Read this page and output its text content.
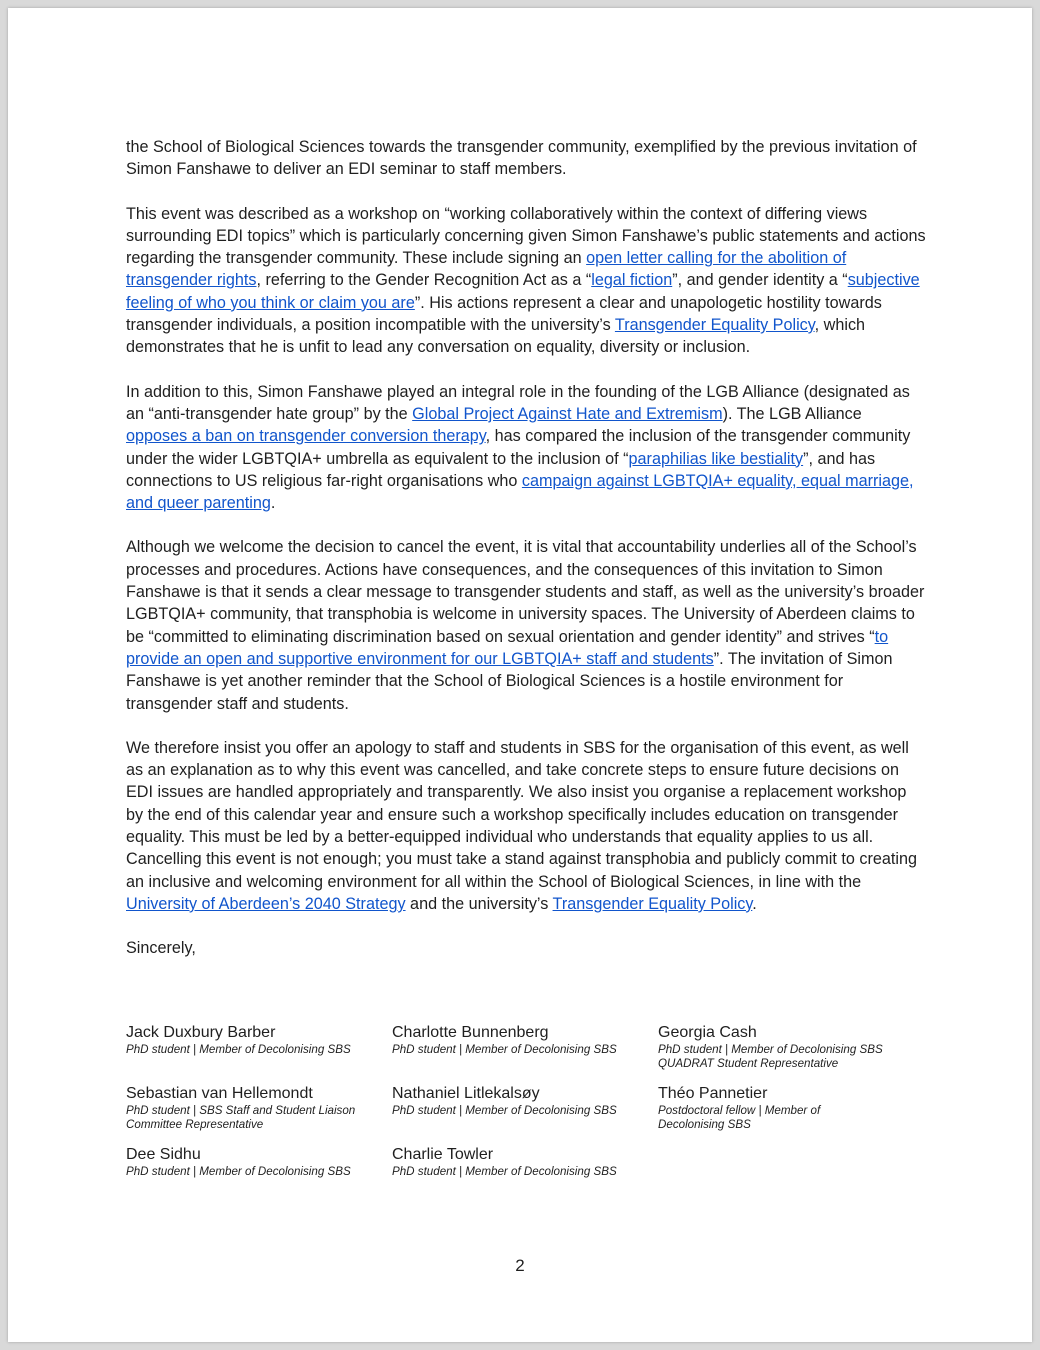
the School of Biological Sciences towards the transgender community, exemplified by the previous invitation of Simon Fanshawe to deliver an EDI seminar to staff members.

This event was described as a workshop on “working collaboratively within the context of differing views surrounding EDI topics” which is particularly concerning given Simon Fanshawe’s public statements and actions regarding the transgender community. These include signing an open letter calling for the abolition of transgender rights, referring to the Gender Recognition Act as a “legal fiction”, and gender identity a “subjective feeling of who you think or claim you are”. His actions represent a clear and unapologetic hostility towards transgender individuals, a position incompatible with the university’s Transgender Equality Policy, which demonstrates that he is unfit to lead any conversation on equality, diversity or inclusion.

In addition to this, Simon Fanshawe played an integral role in the founding of the LGB Alliance (designated as an “anti-transgender hate group” by the Global Project Against Hate and Extremism). The LGB Alliance opposes a ban on transgender conversion therapy, has compared the inclusion of the transgender community under the wider LGBTQIA+ umbrella as equivalent to the inclusion of “paraphilias like bestiality”, and has connections to US religious far-right organisations who campaign against LGBTQIA+ equality, equal marriage, and queer parenting.

Although we welcome the decision to cancel the event, it is vital that accountability underlies all of the School’s processes and procedures. Actions have consequences, and the consequences of this invitation to Simon Fanshawe is that it sends a clear message to transgender students and staff, as well as the university’s broader LGBTQIA+ community, that transphobia is welcome in university spaces. The University of Aberdeen claims to be “committed to eliminating discrimination based on sexual orientation and gender identity” and strives “to provide an open and supportive environment for our LGBTQIA+ staff and students”. The invitation of Simon Fanshawe is yet another reminder that the School of Biological Sciences is a hostile environment for transgender staff and students.

We therefore insist you offer an apology to staff and students in SBS for the organisation of this event, as well as an explanation as to why this event was cancelled, and take concrete steps to ensure future decisions on EDI issues are handled appropriately and transparently. We also insist you organise a replacement workshop by the end of this calendar year and ensure such a workshop specifically includes education on transgender equality. This must be led by a better-equipped individual who understands that equality applies to us all. Cancelling this event is not enough; you must take a stand against transphobia and publicly commit to creating an inclusive and welcoming environment for all within the School of Biological Sciences, in line with the University of Aberdeen’s 2040 Strategy and the university’s Transgender Equality Policy.

Sincerely,

Jack Duxbury Barber
PhD student | Member of Decolonising SBS
Charlotte Bunnenberg
PhD student | Member of Decolonising SBS
Georgia Cash
PhD student | Member of Decolonising SBS QUADRAT Student Representative
Sebastian van Hellemondt
PhD student | SBS Staff and Student Liaison Committee Representative
Nathaniel Litlekalsøy
PhD student | Member of Decolonising SBS
Théo Pannetier
Postdoctoral fellow | Member of Decolonising SBS
Dee Sidhu
PhD student | Member of Decolonising SBS
Charlie Towler
PhD student | Member of Decolonising SBS
2
